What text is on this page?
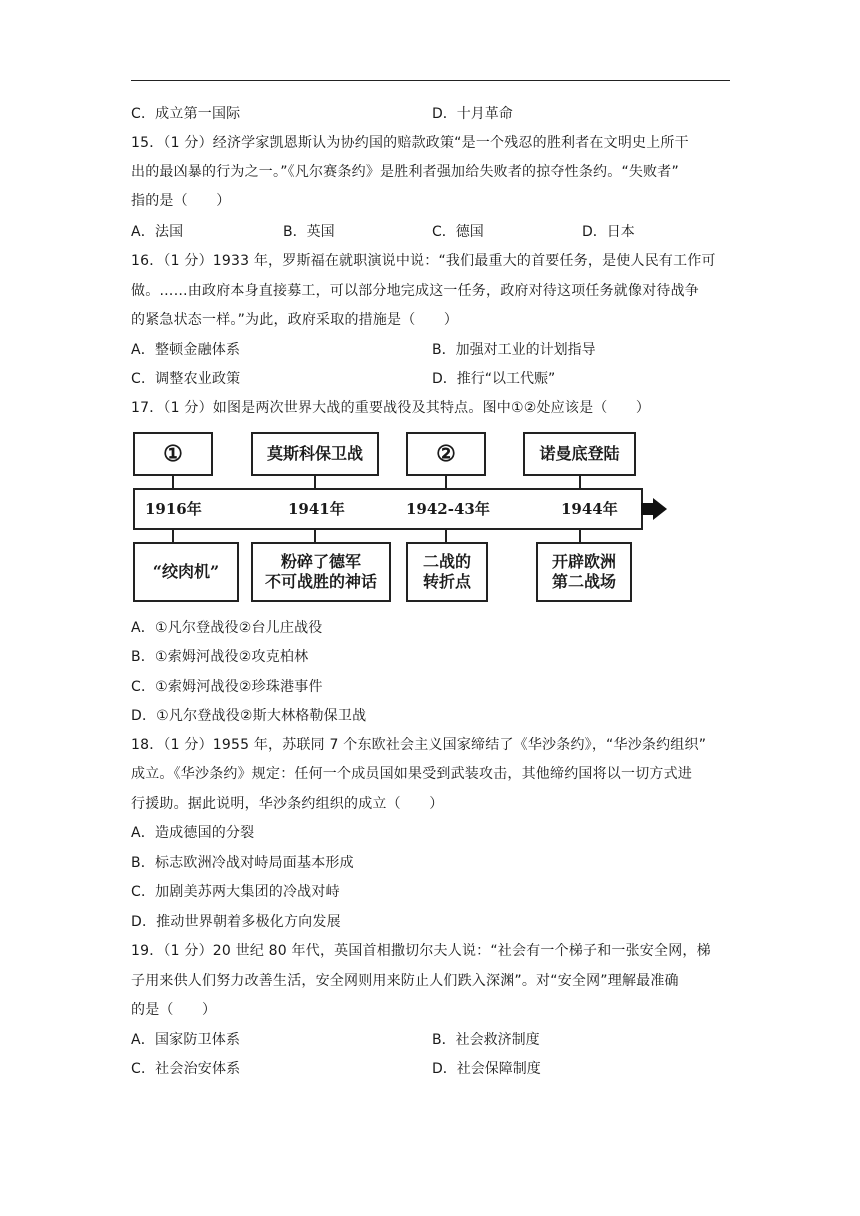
C．成立第一国际	D．十月革命
15．（1 分）经济学家凯恩斯认为协约国的赔款政策“是一个残忍的胜利者在文明史上所干
出的最凶暴的行为之一。”《凡尔赛条约》是胜利者强加给失败者的掠夺性条约。“失败者”
指的是（　　）
A．法国	B．英国	C．德国	D．日本
16．（1 分）1933 年，罗斯福在就职演说中说：“我们最重大的首要任务，是使人民有工作可
做。……由政府本身直接募工，可以部分地完成这一任务，政府对待这项任务就像对待战争
的紧急状态一样。”为此，政府采取的措施是（　　）
A．整顿金融体系	B．加强对工业的计划指导
C．调整农业政策	D．推行“以工代赈”
17．（1 分）如图是两次世界大战的重要战役及其特点。图中①②处应该是（　　）
①	莫斯科保卫战	②	诺曼底登陆
1916年	1941年	1942-43年	1944年
“绞肉机”
粉碎了德军
不可战胜的神话
二战的
转折点
开辟欧洲
第二战场
A．①凡尔登战役②台儿庄战役
B．①索姆河战役②攻克柏林
C．①索姆河战役②珍珠港事件
D．①凡尔登战役②斯大林格勒保卫战
18．（1 分）1955 年，苏联同 7 个东欧社会主义国家缔结了《华沙条约》，“华沙条约组织”
成立。《华沙条约》规定：任何一个成员国如果受到武装攻击，其他缔约国将以一切方式进
行援助。据此说明，华沙条约组织的成立（　　）
A．造成德国的分裂
B．标志欧洲冷战对峙局面基本形成
C．加剧美苏两大集团的冷战对峙
D．推动世界朝着多极化方向发展
19．（1 分）20 世纪 80 年代，英国首相撒切尔夫人说：“社会有一个梯子和一张安全网，梯
子用来供人们努力改善生活，安全网则用来防止人们跌入深渊”。对“安全网”理解最准确
的是（　　）
A．国家防卫体系	B．社会救济制度
C．社会治安体系	D．社会保障制度
